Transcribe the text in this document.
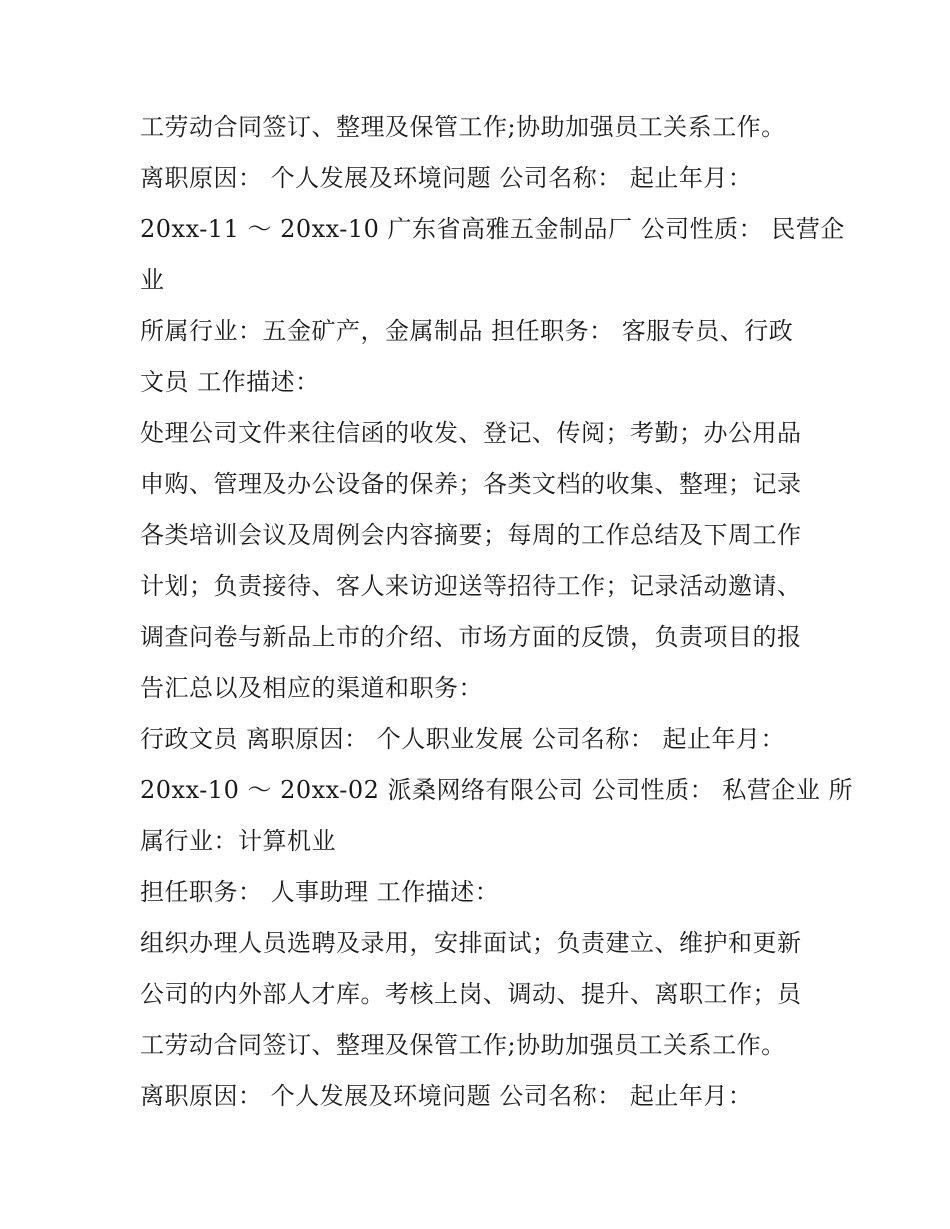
工劳动合同签订、整理及保管工作;协助加强员工关系工作。
离职原因： 个人发展及环境问题 公司名称： 起止年月：
20xx-11 ～ 20xx-10 广东省高雅五金制品厂 公司性质： 民营企
业
所属行业：五金矿产，金属制品 担任职务： 客服专员、行政
文员 工作描述：
处理公司文件来往信函的收发、登记、传阅；考勤；办公用品
申购、管理及办公设备的保养；各类文档的收集、整理；记录
各类培训会议及周例会内容摘要；每周的工作总结及下周工作
计划；负责接待、客人来访迎送等招待工作；记录活动邀请、
调查问卷与新品上市的介绍、市场方面的反馈，负责项目的报
告汇总以及相应的渠道和职务：
行政文员 离职原因： 个人职业发展 公司名称： 起止年月：
20xx-10 ～ 20xx-02 派桑网络有限公司 公司性质： 私营企业 所
属行业：计算机业
担任职务： 人事助理 工作描述：
组织办理人员选聘及录用，安排面试；负责建立、维护和更新
公司的内外部人才库。考核上岗、调动、提升、离职工作；员
工劳动合同签订、整理及保管工作;协助加强员工关系工作。
离职原因： 个人发展及环境问题 公司名称： 起止年月：
